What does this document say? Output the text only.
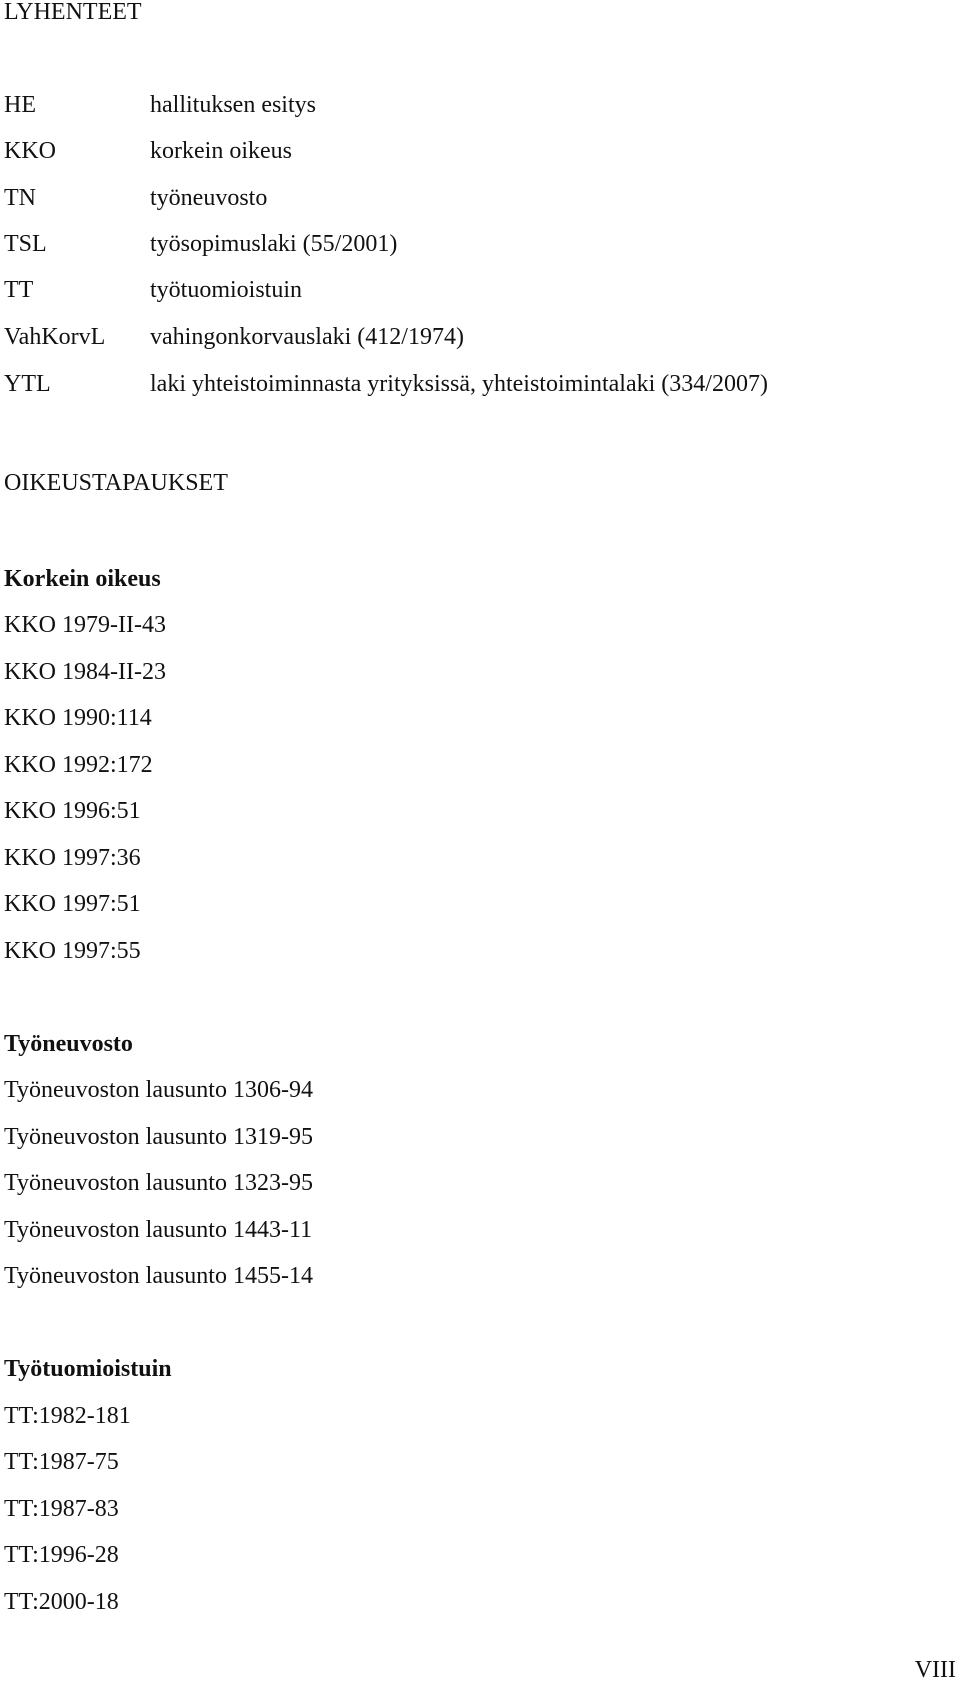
LYHENTEET
HE	hallituksen esitys
KKO	korkein oikeus
TN	työneuvosto
TSL	työsopimuslaki (55/2001)
TT	työtuomioistuin
VahKorvL vahingonkorvauslaki (412/1974)
YTL	laki yhteistoiminnasta yrityksissä, yhteistoimintalaki (334/2007)
OIKEUSTAPAUKSET
Korkein oikeus
KKO 1979-II-43
KKO 1984-II-23
KKO 1990:114
KKO 1992:172
KKO 1996:51
KKO 1997:36
KKO 1997:51
KKO 1997:55
Työneuvosto
Työneuvoston lausunto 1306-94
Työneuvoston lausunto 1319-95
Työneuvoston lausunto 1323-95
Työneuvoston lausunto 1443-11
Työneuvoston lausunto 1455-14
Työtuomioistuin
TT:1982-181
TT:1987-75
TT:1987-83
TT:1996-28
TT:2000-18
VIII
